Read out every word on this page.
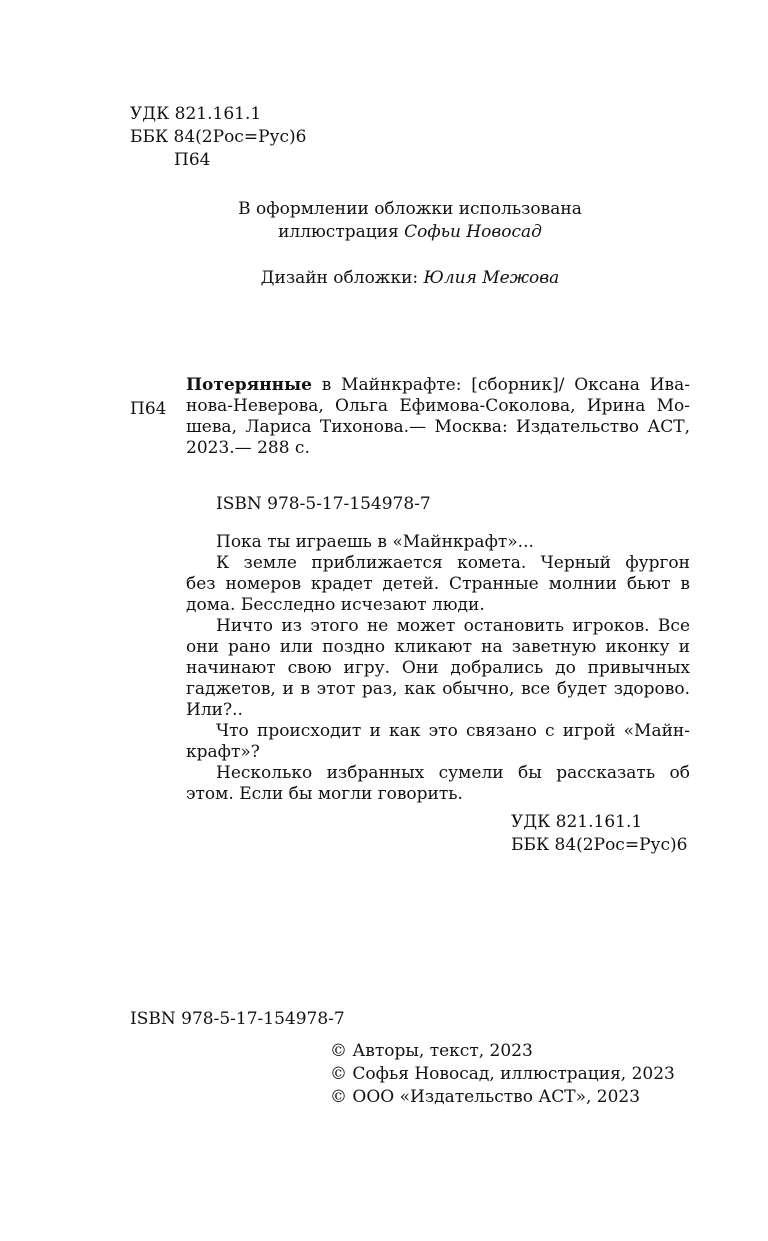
УДК 821.161.1
ББК 84(2Рос=Рус)6
П64
В оформлении обложки использована
иллюстрация Софьи Новосад
Дизайн обложки: Юлия Межова
Потерянные в Майнкрафте: [сборник]/ Оксана Ива-
нова-Неверова, Ольга Ефимова-Соколова, Ирина Мо-
шева, Лариса Тихонова.— Москва: Издательство АСТ,
2023.— 288 с.
П64
ISBN 978-5-17-154978-7
Пока ты играешь в «Майнкрафт»...
К земле приближается комета. Черный фургон
без номеров крадет детей. Странные молнии бьют в
дома. Бесследно исчезают люди.
Ничто из этого не может остановить игроков. Все
они рано или поздно кликают на заветную иконку и
начинают свою игру. Они добрались до привычных
гаджетов, и в этот раз, как обычно, все будет здорово.
Или?..
Что происходит и как это связано с игрой «Майн-
крафт»?
Несколько избранных сумели бы рассказать об
этом. Если бы могли говорить.
УДК 821.161.1
ББК 84(2Рос=Рус)6
ISBN 978-5-17-154978-7
© Авторы, текст, 2023
© Софья Новосад, иллюстрация, 2023
© ООО «Издательство АСТ», 2023
